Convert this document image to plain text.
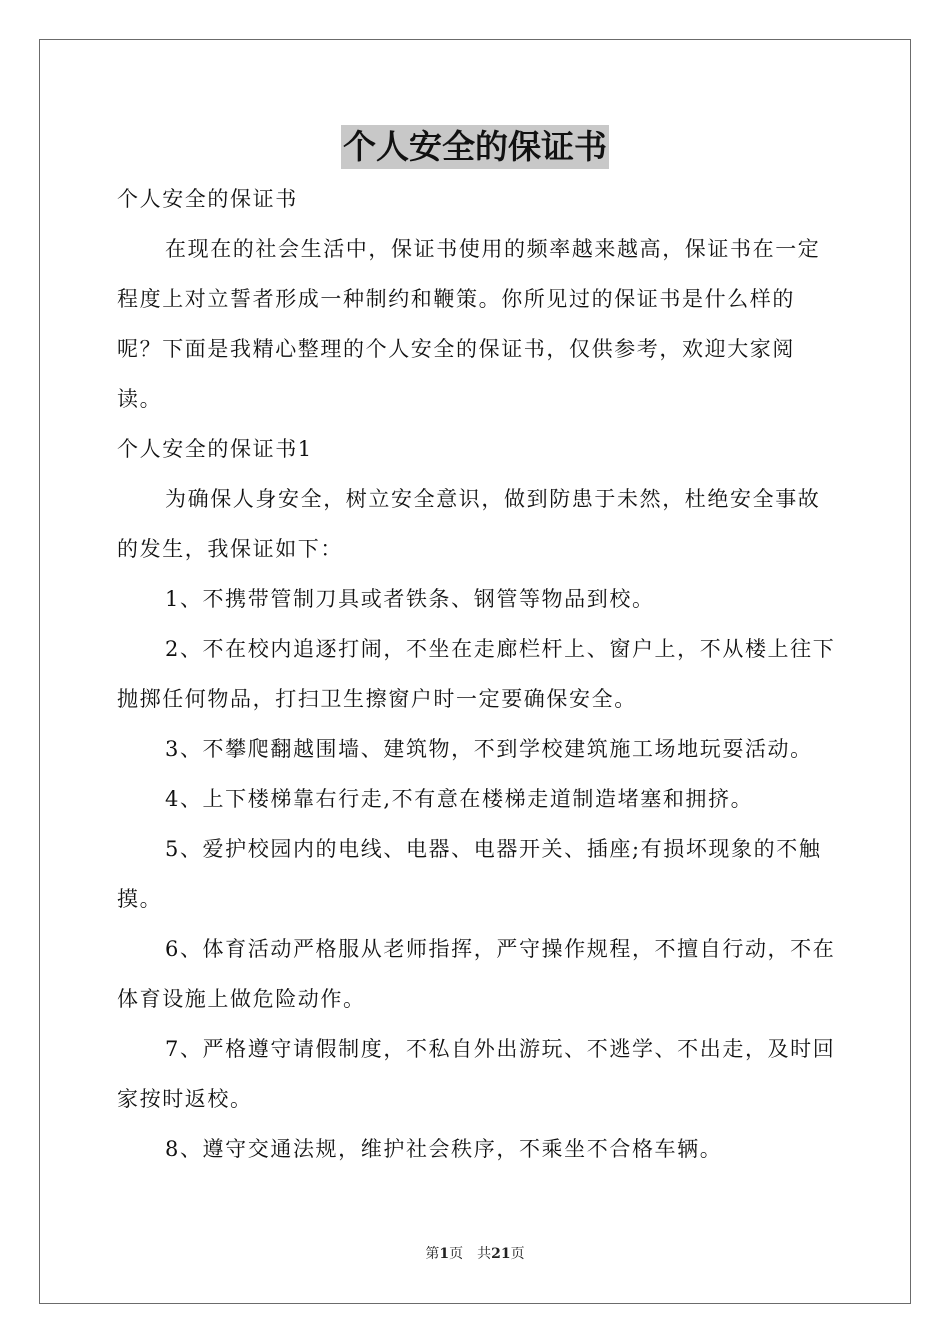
个人安全的保证书

个人安全的保证书

在现在的社会生活中，保证书使用的频率越来越高，保证书在一定程度上对立誓者形成一种制约和鞭策。你所见过的保证书是什么样的呢？下面是我精心整理的个人安全的保证书，仅供参考，欢迎大家阅读。

个人安全的保证书1

为确保人身安全，树立安全意识，做到防患于未然，杜绝安全事故的发生，我保证如下：

1、不携带管制刀具或者铁条、钢管等物品到校。

2、不在校内追逐打闹，不坐在走廊栏杆上、窗户上，不从楼上往下抛掷任何物品，打扫卫生擦窗户时一定要确保安全。

3、不攀爬翻越围墙、建筑物，不到学校建筑施工场地玩耍活动。

4、上下楼梯靠右行走,不有意在楼梯走道制造堵塞和拥挤。

5、爱护校园内的电线、电器、电器开关、插座;有损坏现象的不触摸。

6、体育活动严格服从老师指挥，严守操作规程，不擅自行动，不在体育设施上做危险动作。

7、严格遵守请假制度，不私自外出游玩、不逃学、不出走，及时回家按时返校。

8、遵守交通法规，维护社会秩序，不乘坐不合格车辆。

第1页 共21页
